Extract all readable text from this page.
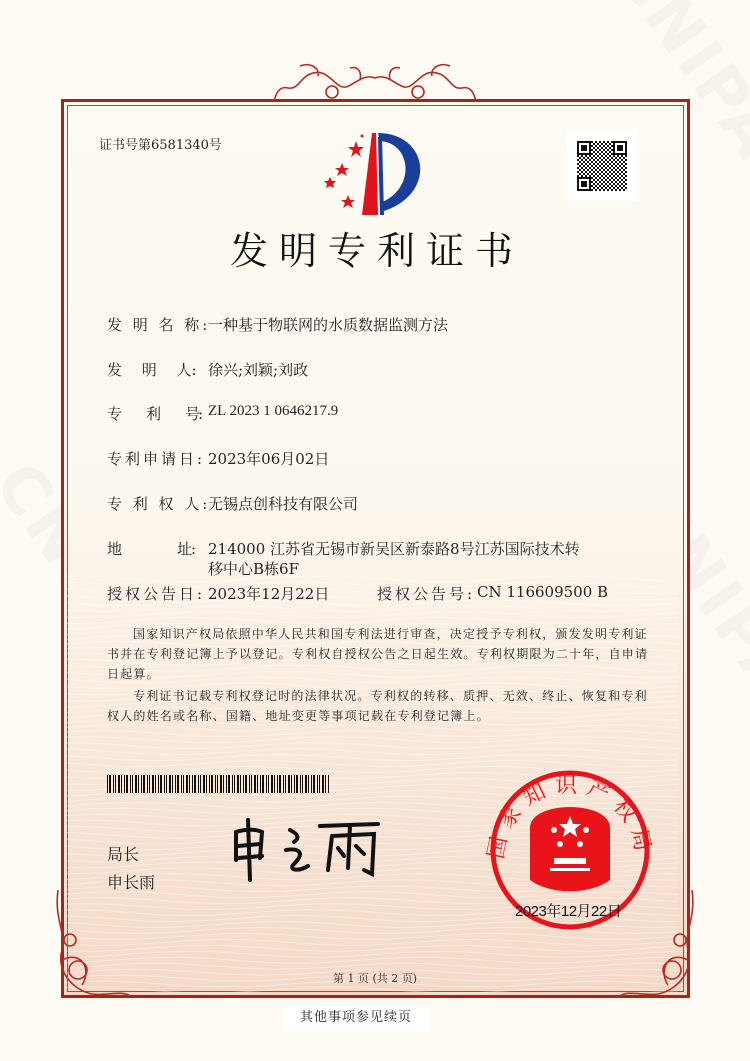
证书号第6581340号
发明专利证书
发 明 名 称:
一种基于物联网的水质数据监测方法
发　 明　 人: 徐兴;刘颖;刘政
专　　利　　号: ZL 2023 1 0646217.9
专利申请日: 2023年06月02日
专 利 权 人:
无锡点创科技有限公司
地　　　　址: 214000 江苏省无锡市新吴区新泰路8号江苏国际技术转
移中心B栋6F
授权公告日: 2023年12月22日	授权公告号: CN 116609500 B
国家知识产权局依照中华人民共和国专利法进行审查，决定授予专利权，颁发发明专利证书并在专利登记簿上予以登记。专利权自授权公告之日起生效。专利权期限为二十年，自申请日起算。
专利证书记载专利权登记时的法律状况。专利权的转移、质押、无效、终止、恢复和专利权人的姓名或名称、国籍、地址变更等事项记载在专利登记簿上。
局长
申长雨
国家知识产权局
2023年12月22日
第 1 页 (共 2 页)
其他事项参见续页
